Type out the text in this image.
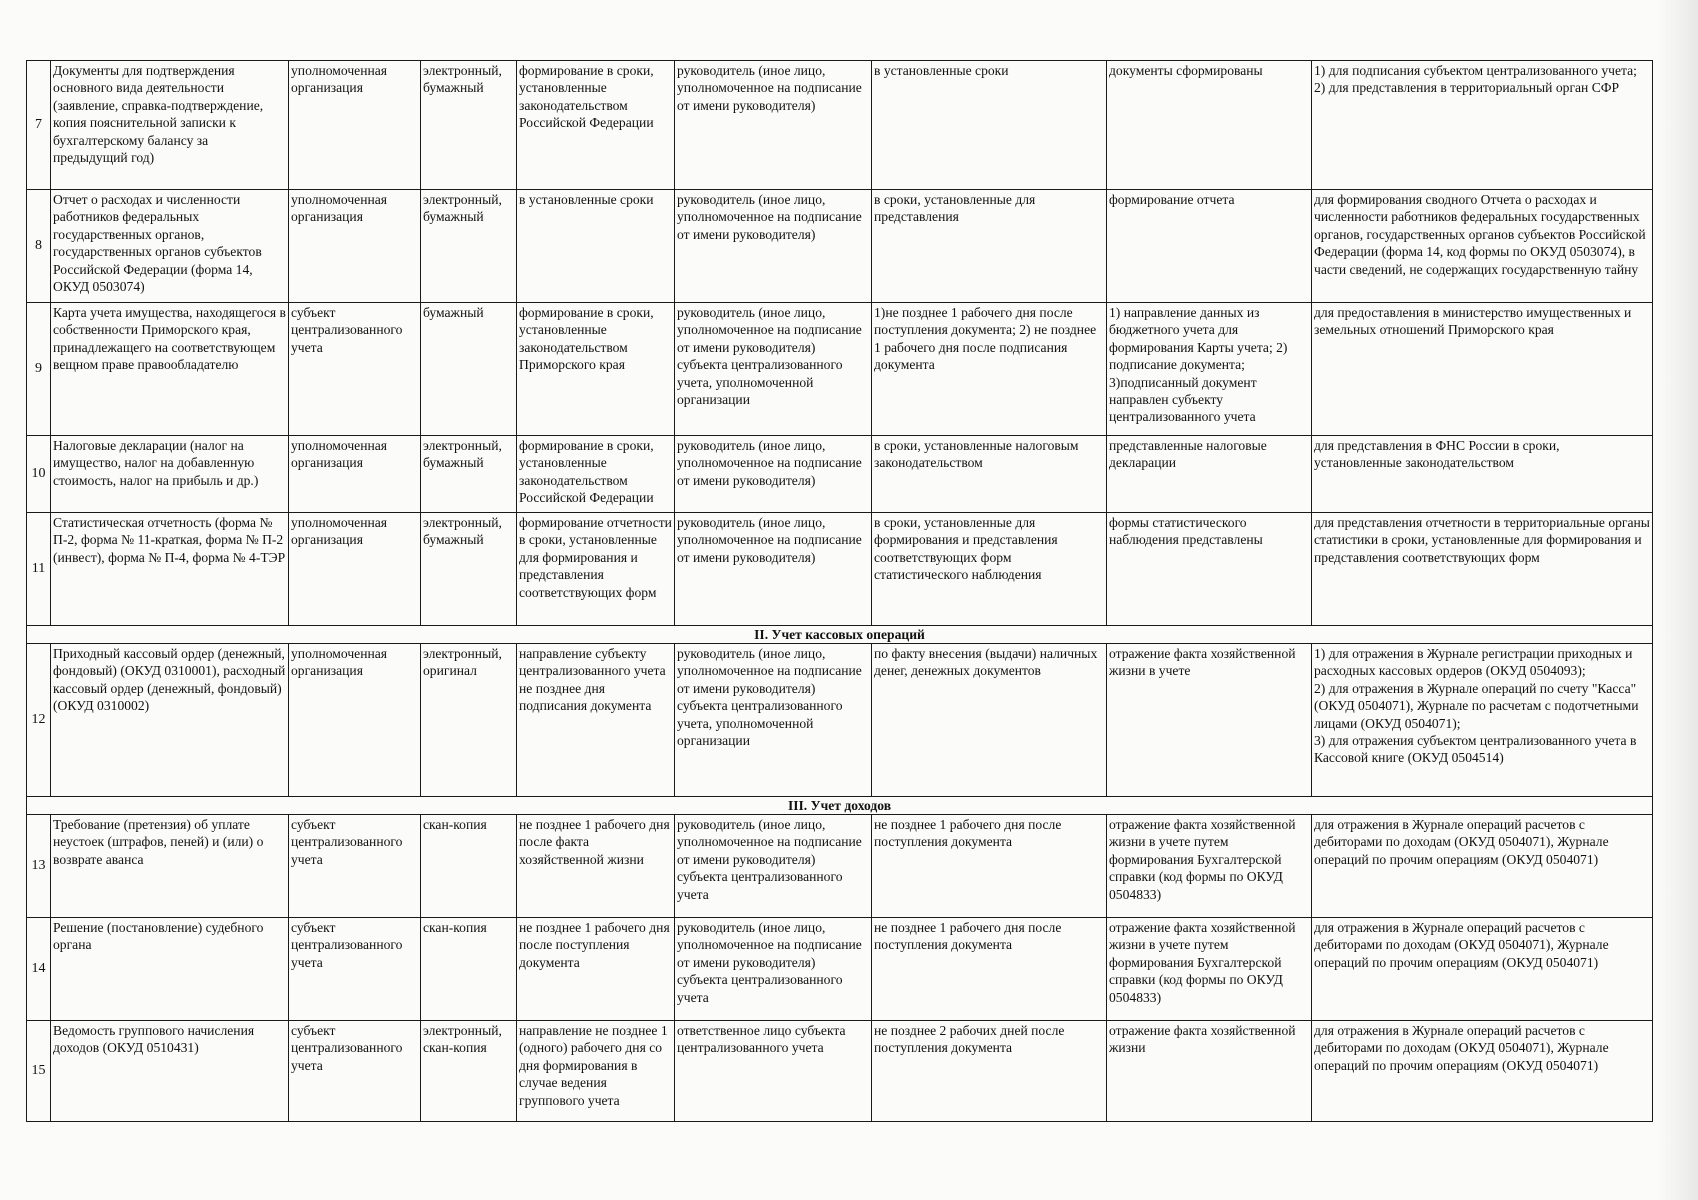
7	Документы для подтверждения основного вида деятельности (заявление, справка-подтверждение, копия пояснительной записки к бухгалтерскому балансу за предыдущий год)	уполномоченная организация	электронный, бумажный	формирование в сроки, установленные законодательством Российской Федерации	руководитель (иное лицо, уполномоченное на подписание от имени руководителя)	в установленные сроки	документы сформированы	1) для подписания субъектом централизованного учета;
2) для представления в территориальный орган СФР
8	Отчет о расходах и численности работников федеральных государственных органов, государственных органов субъектов Российской Федерации (форма 14, ОКУД 0503074)	уполномоченная организация	электронный, бумажный	в установленные сроки	руководитель (иное лицо, уполномоченное на подписание от имени руководителя)	в сроки, установленные для представления	формирование отчета	для формирования сводного Отчета о расходах и численности работников федеральных государственных органов, государственных органов субъектов Российской Федерации (форма 14, код формы по ОКУД 0503074), в части сведений, не содержащих государственную тайну
9	Карта учета имущества, находящегося в собственности Приморского края, принадлежащего на соответствующем вещном праве правообладателю	субъект централизованного учета	бумажный	формирование в сроки, установленные законодательством Приморского края	руководитель (иное лицо, уполномоченное на подписание от имени руководителя) субъекта централизованного учета, уполномоченной организации	1)не позднее 1 рабочего дня после поступления документа; 2) не позднее 1 рабочего дня после подписания документа	1) направление данных из бюджетного учета для формирования Карты учета; 2) подписание документа; 3)подписанный документ направлен субъекту централизованного учета	для предоставления в министерство имущественных и земельных отношений Приморского края
10	Налоговые декларации (налог на имущество, налог на добавленную стоимость, налог на прибыль и др.)	уполномоченная организация	электронный, бумажный	формирование в сроки, установленные законодательством Российской Федерации	руководитель (иное лицо, уполномоченное на подписание от имени руководителя)	в сроки, установленные налоговым законодательством	представленные налоговые декларации	для представления в ФНС России в сроки, установленные законодательством
11	Статистическая отчетность (форма № П-2, форма № 11-краткая, форма № П-2 (инвест), форма № П-4, форма № 4-ТЭР	уполномоченная организация	электронный, бумажный	формирование отчетности в сроки, установленные для формирования и представления соответствующих форм	руководитель (иное лицо, уполномоченное на подписание от имени руководителя)	в сроки, установленные для формирования и представления соответствующих форм статистического наблюдения	формы статистического наблюдения представлены	для представления отчетности в территориальные органы статистики в сроки, установленные для формирования и представления соответствующих форм
II. Учет кассовых операций								
12	Приходный кассовый ордер (денежный, фондовый) (ОКУД 0310001), расходный кассовый ордер (денежный, фондовый) (ОКУД 0310002)	уполномоченная организация	электронный, оригинал	направление субъекту централизованного учета не позднее дня подписания документа	руководитель (иное лицо, уполномоченное на подписание от имени руководителя) субъекта централизованного учета, уполномоченной организации	по факту внесения (выдачи) наличных денег, денежных документов	отражение факта хозяйственной жизни в учете	1) для отражения в Журнале регистрации приходных и расходных кассовых ордеров (ОКУД 0504093);
2) для отражения в Журнале операций по счету "Касса" (ОКУД 0504071), Журнале по расчетам с подотчетными лицами (ОКУД 0504071);
3) для отражения субъектом централизованного учета в Кассовой книге (ОКУД 0504514)
III. Учет доходов								
13	Требование (претензия) об уплате неустоек (штрафов, пеней) и (или) о возврате аванса	субъект централизованного учета	скан-копия	не позднее 1 рабочего дня после факта хозяйственной жизни	руководитель (иное лицо, уполномоченное на подписание от имени руководителя) субъекта централизованного учета	не позднее 1 рабочего дня после поступления документа	отражение факта хозяйственной жизни в учете путем формирования Бухгалтерской справки (код формы по ОКУД 0504833)	для отражения в Журнале операций расчетов с дебиторами по доходам (ОКУД 0504071), Журнале операций по прочим операциям (ОКУД 0504071)
14	Решение (постановление) судебного органа	субъект централизованного учета	скан-копия	не позднее 1 рабочего дня после поступления документа	руководитель (иное лицо, уполномоченное на подписание от имени руководителя) субъекта централизованного учета	не позднее 1 рабочего дня после поступления документа	отражение факта хозяйственной жизни в учете путем формирования Бухгалтерской справки (код формы по ОКУД 0504833)	для отражения в Журнале операций расчетов с дебиторами по доходам (ОКУД 0504071), Журнале операций по прочим операциям (ОКУД 0504071)
15	Ведомость группового начисления доходов (ОКУД 0510431)	субъект централизованного учета	электронный, скан-копия	направление не позднее 1 (одного) рабочего дня со дня формирования в случае ведения группового учета	ответственное лицо субъекта централизованного учета	не позднее 2 рабочих дней после поступления документа	отражение факта хозяйственной жизни	для отражения в Журнале операций расчетов с дебиторами по доходам (ОКУД 0504071), Журнале операций по прочим операциям (ОКУД 0504071)
